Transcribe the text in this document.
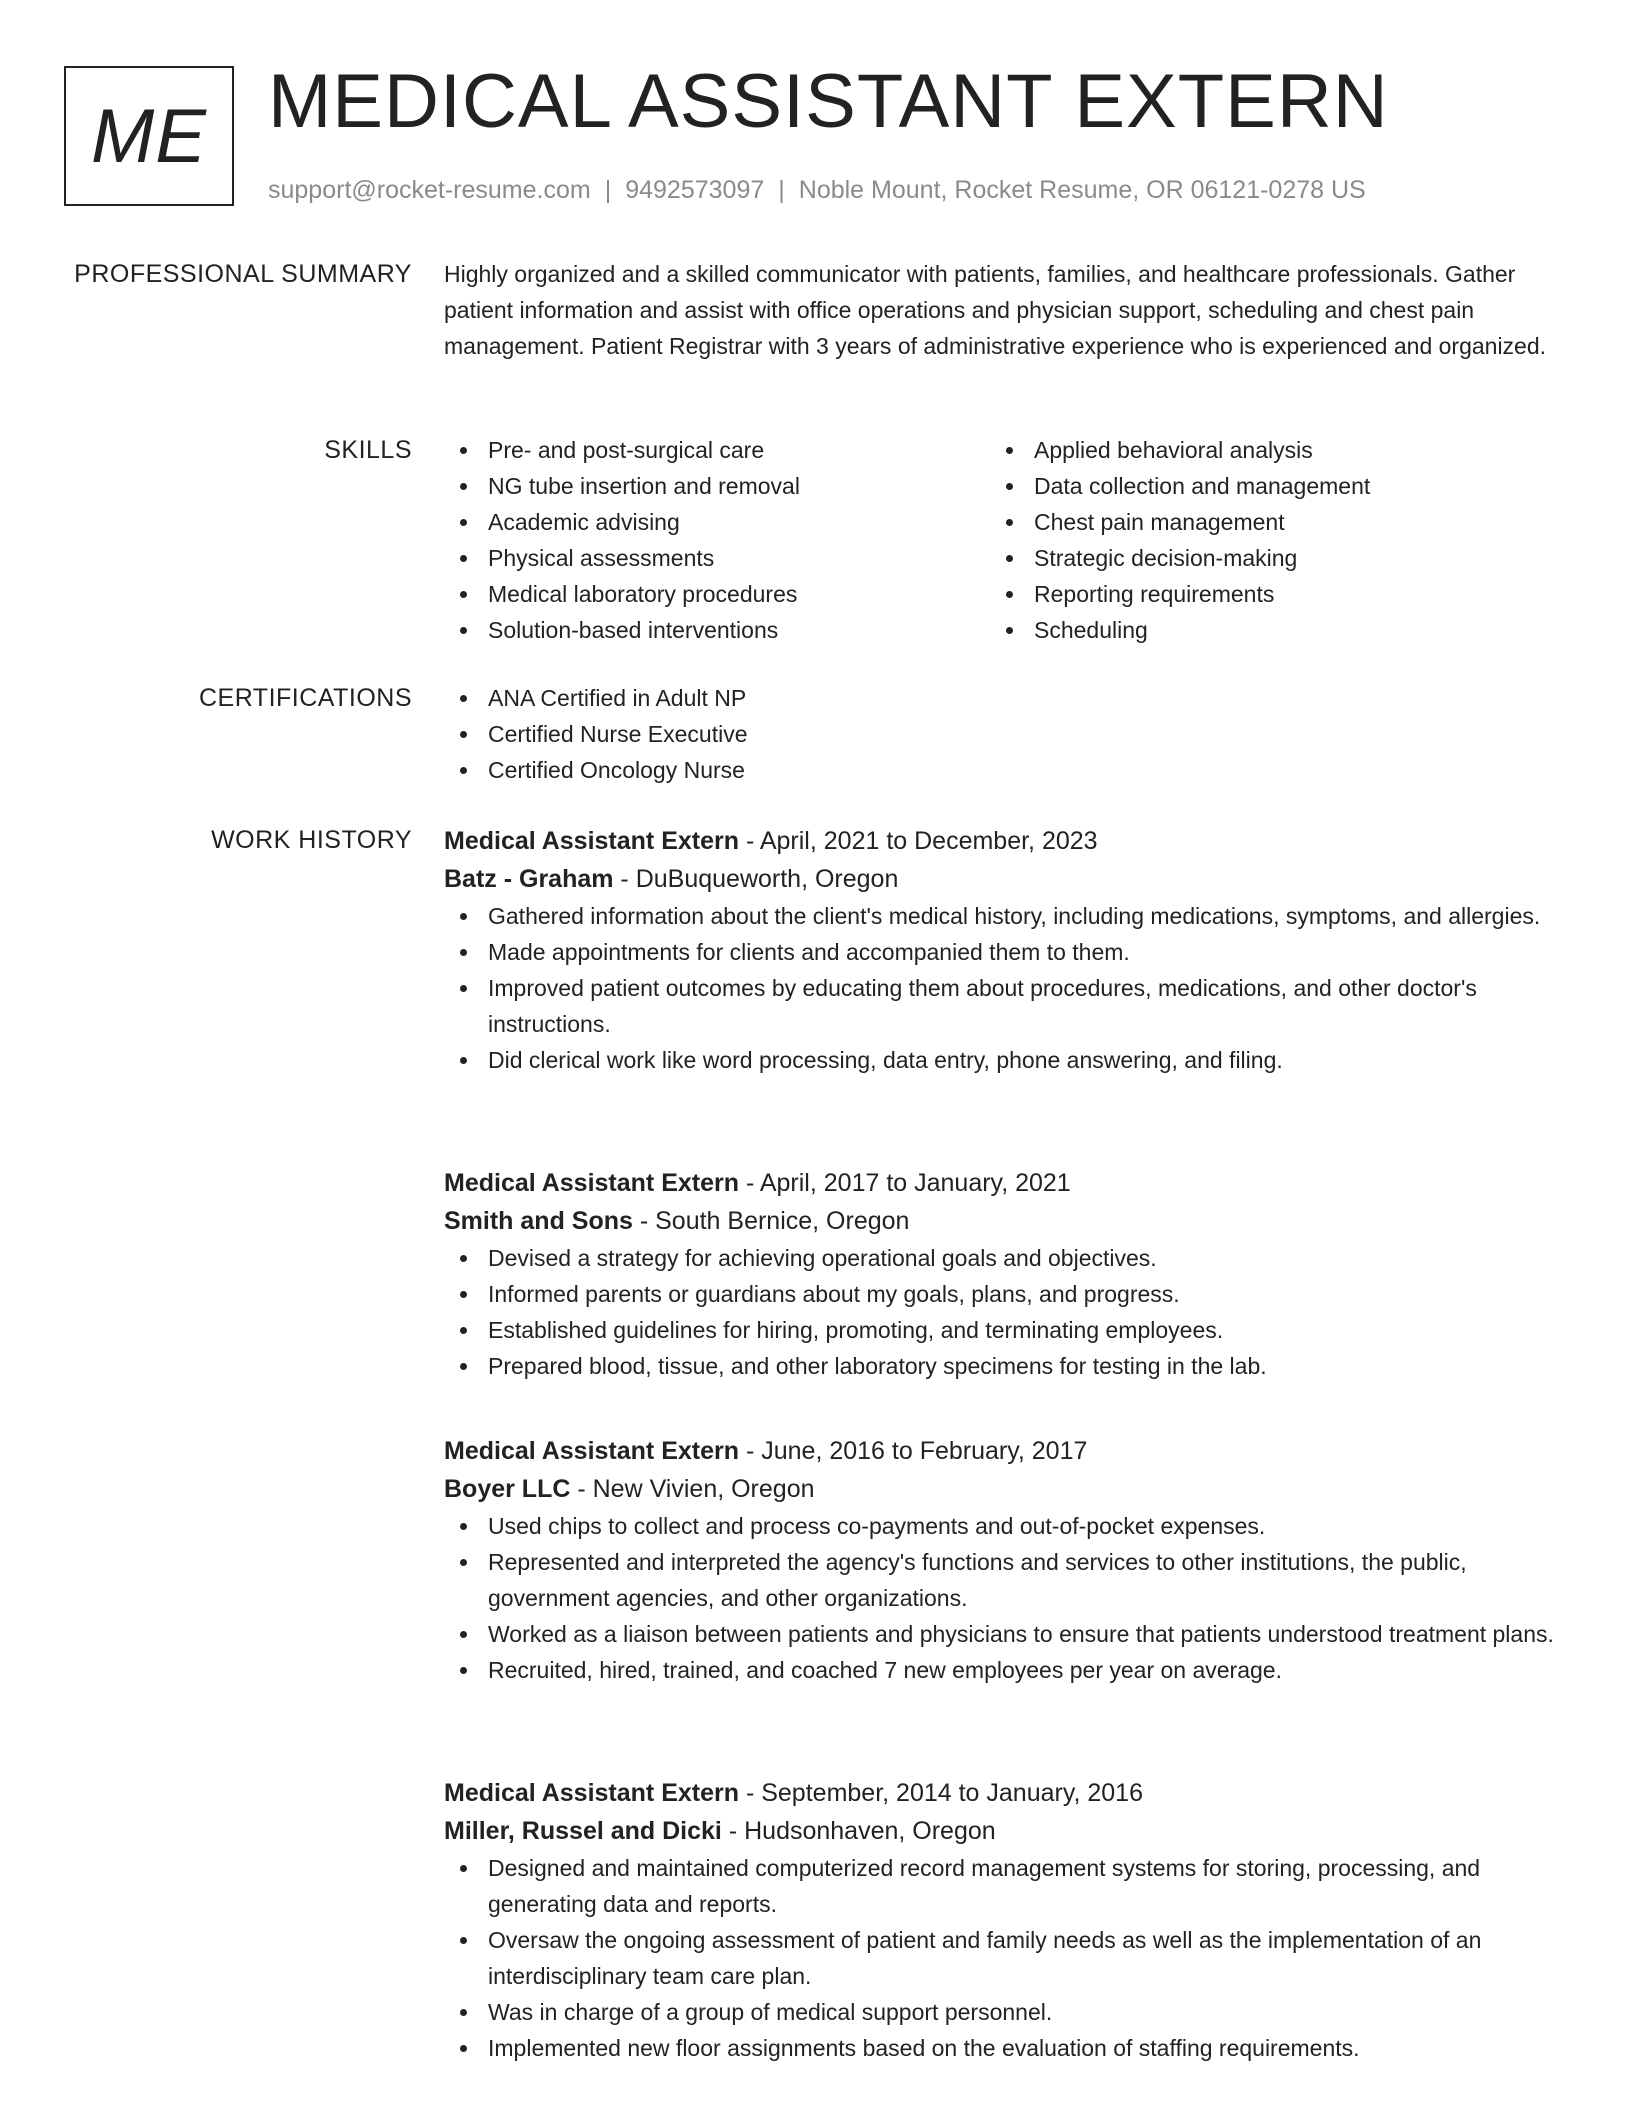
ME MEDICAL ASSISTANT EXTERN
support@rocket-resume.com | 9492573097 | Noble Mount, Rocket Resume, OR 06121-0278 US
PROFESSIONAL SUMMARY Highly organized and a skilled communicator with patients, families, and healthcare professionals. Gather patient information and assist with office operations and physician support, scheduling and chest pain management. Patient Registrar with 3 years of administrative experience who is experienced and organized.

SKILLS	Pre- and post-surgical care
NG tube insertion and removal
Academic advising
Physical assessments
Medical laboratory procedures
Solution-based interventions
Applied behavioral analysis
Data collection and management
Chest pain management
Strategic decision-making
Reporting requirements
Scheduling
CERTIFICATIONS	ANA Certified in Adult NP
Certified Nurse Executive
Certified Oncology Nurse
WORK HISTORY Medical Assistant Extern - April, 2021 to December, 2023
Batz - Graham - DuBuqueworth, Oregon
Gathered information about the client's medical history, including medications, symptoms, and allergies.
Made appointments for clients and accompanied them to them.
Improved patient outcomes by educating them about procedures, medications, and other doctor's instructions.
Did clerical work like word processing, data entry, phone answering, and filing.
Medical Assistant Extern - April, 2017 to January, 2021
Smith and Sons - South Bernice, Oregon
Devised a strategy for achieving operational goals and objectives.
Informed parents or guardians about my goals, plans, and progress.
Established guidelines for hiring, promoting, and terminating employees.
Prepared blood, tissue, and other laboratory specimens for testing in the lab.
Medical Assistant Extern - June, 2016 to February, 2017
Boyer LLC - New Vivien, Oregon
Used chips to collect and process co-payments and out-of-pocket expenses.
Represented and interpreted the agency's functions and services to other institutions, the public, government agencies, and other organizations.
Worked as a liaison between patients and physicians to ensure that patients understood treatment plans.
Recruited, hired, trained, and coached 7 new employees per year on average.
Medical Assistant Extern - September, 2014 to January, 2016
Miller, Russel and Dicki - Hudsonhaven, Oregon
Designed and maintained computerized record management systems for storing, processing, and generating data and reports.
Oversaw the ongoing assessment of patient and family needs as well as the implementation of an interdisciplinary team care plan.
Was in charge of a group of medical support personnel.
Implemented new floor assignments based on the evaluation of staffing requirements.
